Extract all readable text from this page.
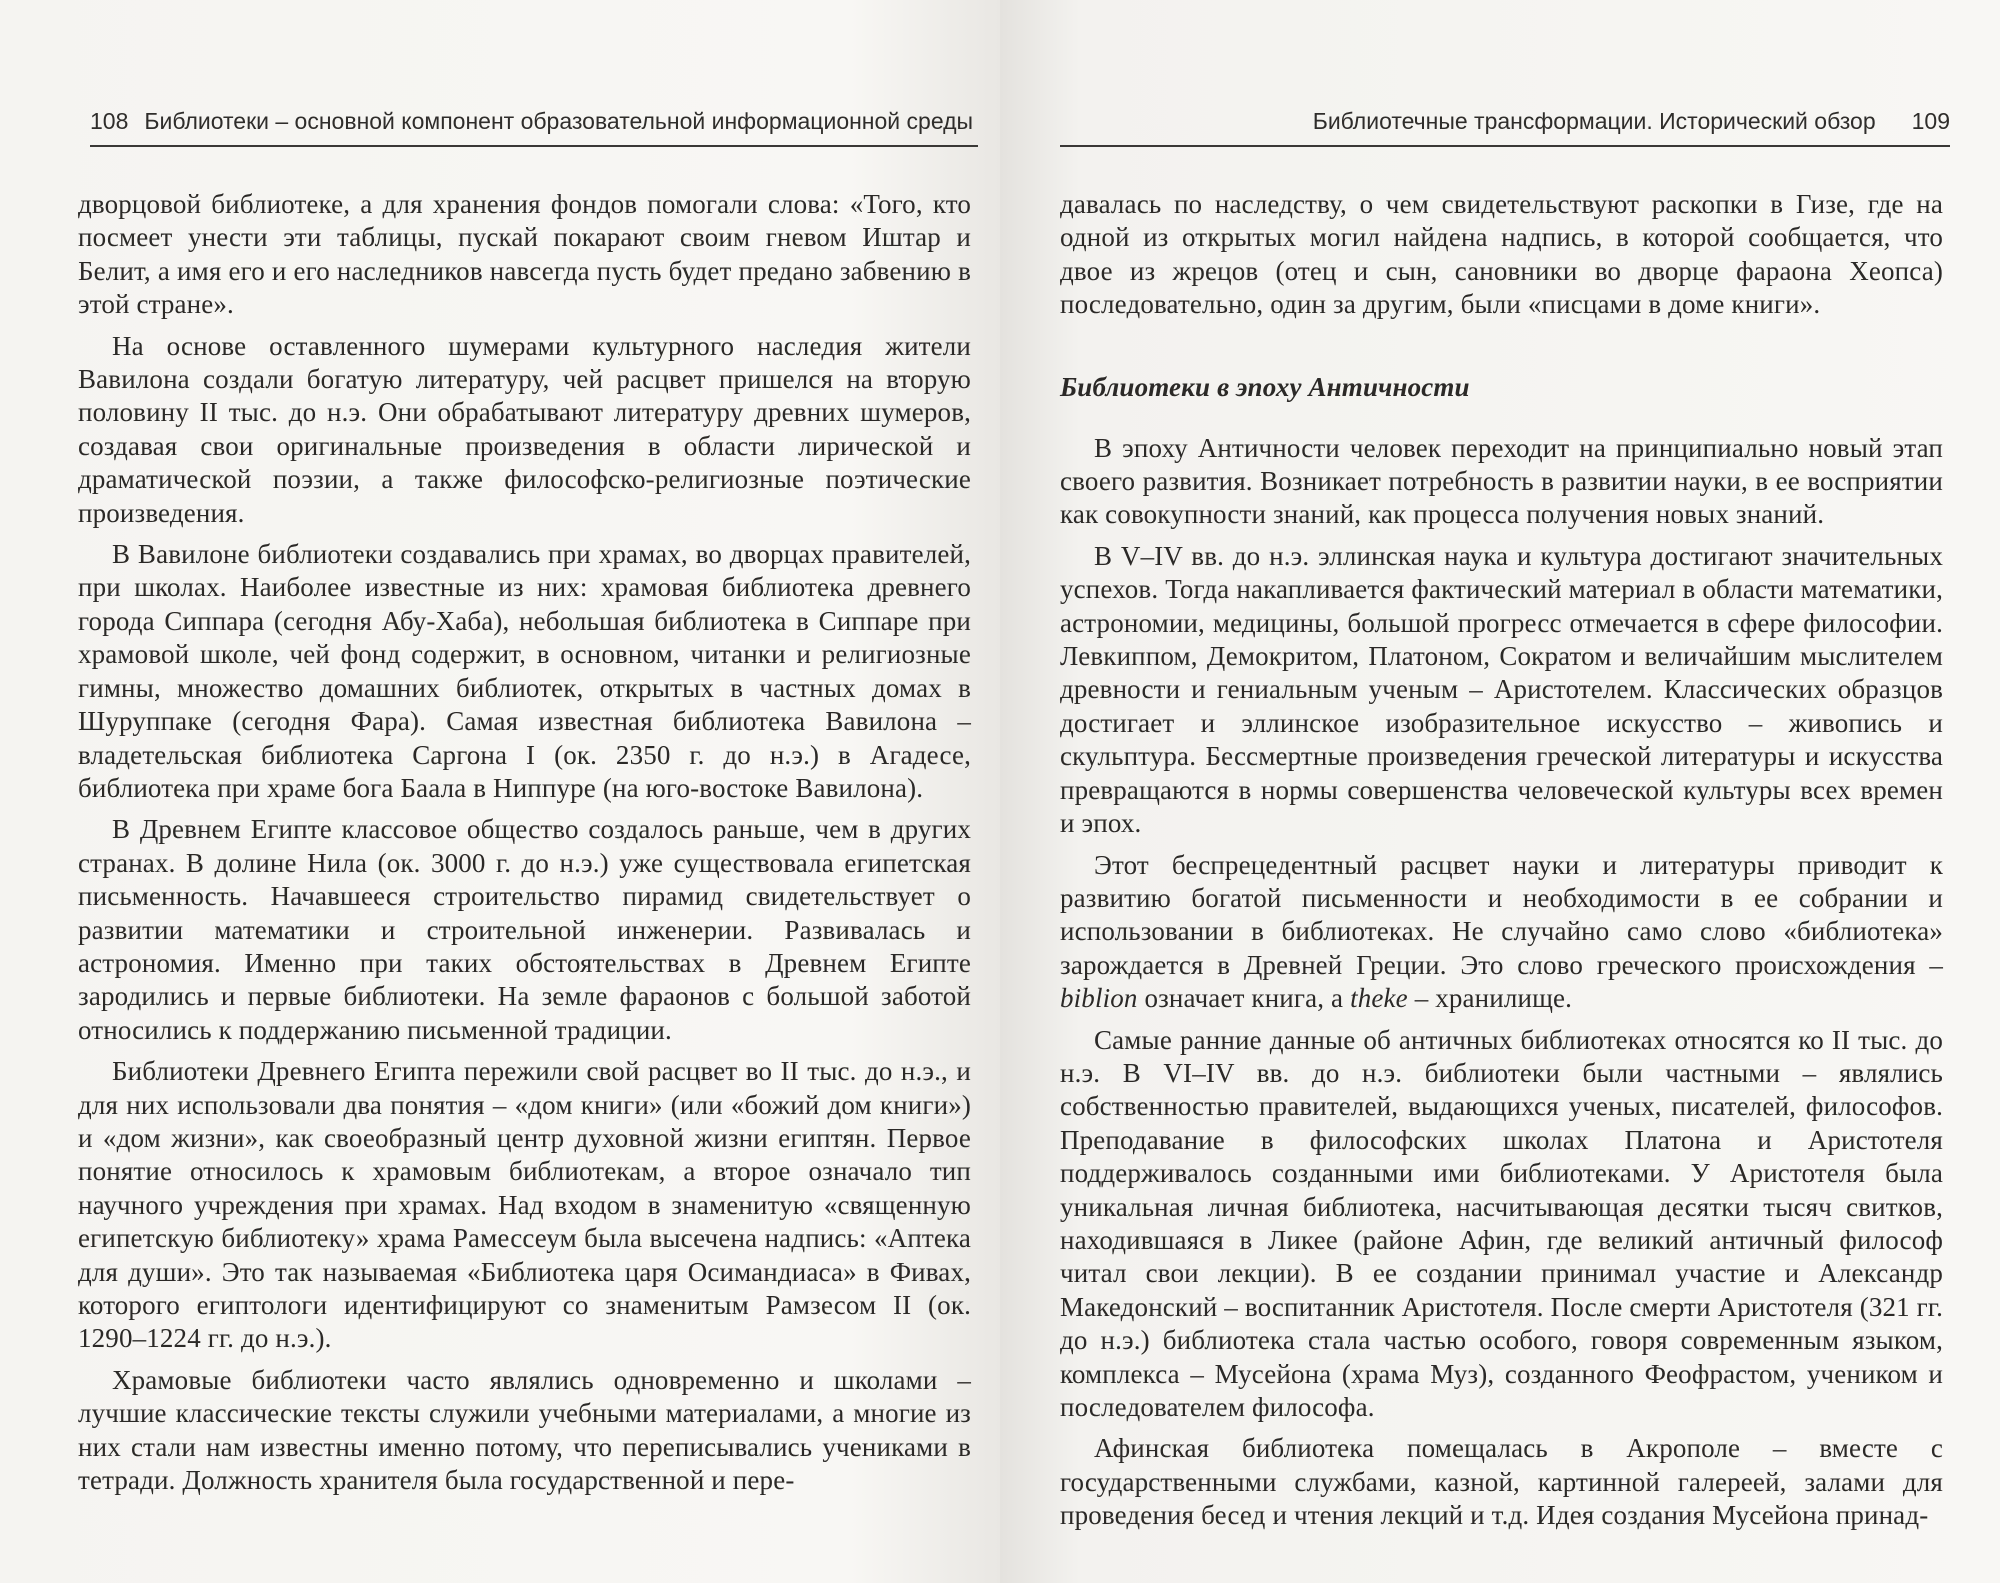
108 Библиотеки – основной компонент образовательной информационной среды

дворцовой библиотеке, а для хранения фондов помогали слова: «Того, кто посмеет унести эти таблицы, пускай покарают своим гневом Иштар и Белит, а имя его и его наследников навсегда пусть будет предано забвению в этой стране».

На основе оставленного шумерами культурного наследия жители Вавилона создали богатую литературу, чей расцвет пришелся на вторую половину II тыс. до н.э. Они обрабатывают литературу древних шумеров, создавая свои оригинальные произведения в области лирической и драматической поэзии, а также философско-религиозные поэтические произведения.

В Вавилоне библиотеки создавались при храмах, во дворцах правителей, при школах. Наиболее известные из них: храмовая библиотека древнего города Сиппара (сегодня Абу-Хаба), небольшая библиотека в Сиппаре при храмовой школе, чей фонд содержит, в основном, читанки и религиозные гимны, множество домашних библиотек, открытых в частных домах в Шуруппаке (сегодня Фара). Самая известная библиотека Вавилона – владетельская библиотека Саргона I (ок. 2350 г. до н.э.) в Агадесе, библиотека при храме бога Баала в Ниппуре (на юго-востоке Вавилона).

В Древнем Египте классовое общество создалось раньше, чем в других странах. В долине Нила (ок. 3000 г. до н.э.) уже существовала египетская письменность. Начавшееся строительство пирамид свидетельствует о развитии математики и строительной инженерии. Развивалась и астрономия. Именно при таких обстоятельствах в Древнем Египте зародились и первые библиотеки. На земле фараонов с большой заботой относились к поддержанию письменной традиции.

Библиотеки Древнего Египта пережили свой расцвет во II тыс. до н.э., и для них использовали два понятия – «дом книги» (или «божий дом книги») и «дом жизни», как своеобразный центр духовной жизни египтян. Первое понятие относилось к храмовым библиотекам, а второе означало тип научного учреждения при храмах. Над входом в знаменитую «священную египетскую библиотеку» храма Рамессеум была высечена надпись: «Аптека для души». Это так называемая «Библиотека царя Осимандиаса» в Фивах, которого египтологи идентифицируют со знаменитым Рамзесом II (ок. 1290–1224 гг. до н.э.).

Храмовые библиотеки часто являлись одновременно и школами – лучшие классические тексты служили учебными материалами, а многие из них стали нам известны именно потому, что переписывались учениками в тетради. Должность хранителя была государственной и пере-

Библиотечные трансформации. Исторический обзор 109

давалась по наследству, о чем свидетельствуют раскопки в Гизе, где на одной из открытых могил найдена надпись, в которой сообщается, что двое из жрецов (отец и сын, сановники во дворце фараона Хеопса) последовательно, один за другим, были «писцами в доме книги».

Библиотеки в эпоху Античности

В эпоху Античности человек переходит на принципиально новый этап своего развития. Возникает потребность в развитии науки, в ее восприятии как совокупности знаний, как процесса получения новых знаний.

В V–IV вв. до н.э. эллинская наука и культура достигают значительных успехов. Тогда накапливается фактический материал в области математики, астрономии, медицины, большой прогресс отмечается в сфере философии. Левкиппом, Демокритом, Платоном, Сократом и величайшим мыслителем древности и гениальным ученым – Аристотелем. Классических образцов достигает и эллинское изобразительное искусство – живопись и скульптура. Бессмертные произведения греческой литературы и искусства превращаются в нормы совершенства человеческой культуры всех времен и эпох.

Этот беспрецедентный расцвет науки и литературы приводит к развитию богатой письменности и необходимости в ее собрании и использовании в библиотеках. Не случайно само слово «библиотека» зарождается в Древней Греции. Это слово греческого происхождения – biblion означает книга, а theke – хранилище.

Самые ранние данные об античных библиотеках относятся ко II тыс. до н.э. В VI–IV вв. до н.э. библиотеки были частными – являлись собственностью правителей, выдающихся ученых, писателей, философов. Преподавание в философских школах Платона и Аристотеля поддерживалось созданными ими библиотеками. У Аристотеля была уникальная личная библиотека, насчитывающая десятки тысяч свитков, находившаяся в Ликее (районе Афин, где великий античный философ читал свои лекции). В ее создании принимал участие и Александр Македонский – воспитанник Аристотеля. После смерти Аристотеля (321 гг. до н.э.) библиотека стала частью особого, говоря современным языком, комплекса – Мусейона (храма Муз), созданного Феофрастом, учеником и последователем философа.

Афинская библиотека помещалась в Акрополе – вместе с государственными службами, казной, картинной галереей, залами для проведения бесед и чтения лекций и т.д. Идея создания Мусейона принад-
